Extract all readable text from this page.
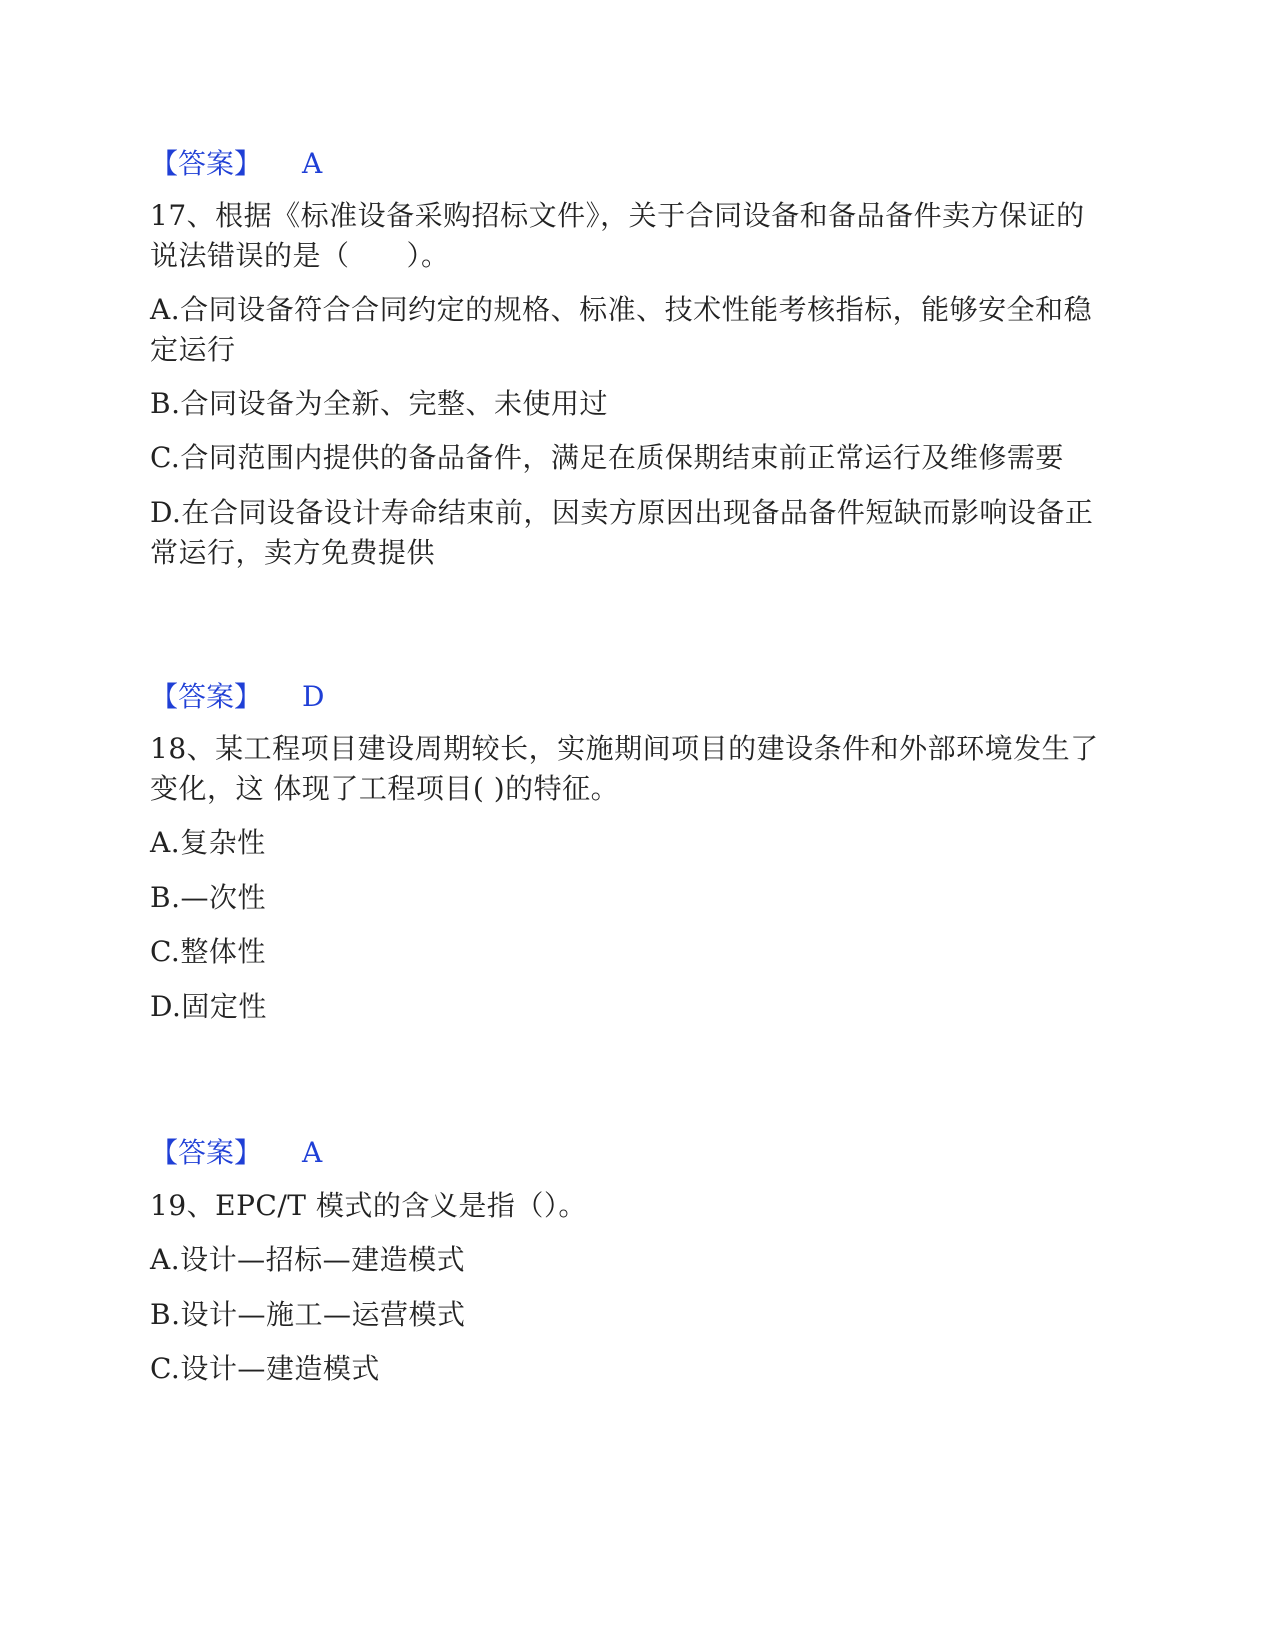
【答案】 A
17、根据《标准设备采购招标文件》，关于合同设备和备品备件卖方保证的说法错误的是（　　）。
A.合同设备符合合同约定的规格、标准、技术性能考核指标，能够安全和稳定运行
B.合同设备为全新、完整、未使用过
C.合同范围内提供的备品备件，满足在质保期结束前正常运行及维修需要
D.在合同设备设计寿命结束前，因卖方原因出现备品备件短缺而影响设备正常运行，卖方免费提供
【答案】 D
18、某工程项目建设周期较长，实施期间项目的建设条件和外部环境发生了变化，这 体现了工程项目( )的特征。
A.复杂性
B.—次性
C.整体性
D.固定性
【答案】 A
19、EPC/T 模式的含义是指（）。
A.设计—招标—建造模式
B.设计—施工—运营模式
C.设计—建造模式
